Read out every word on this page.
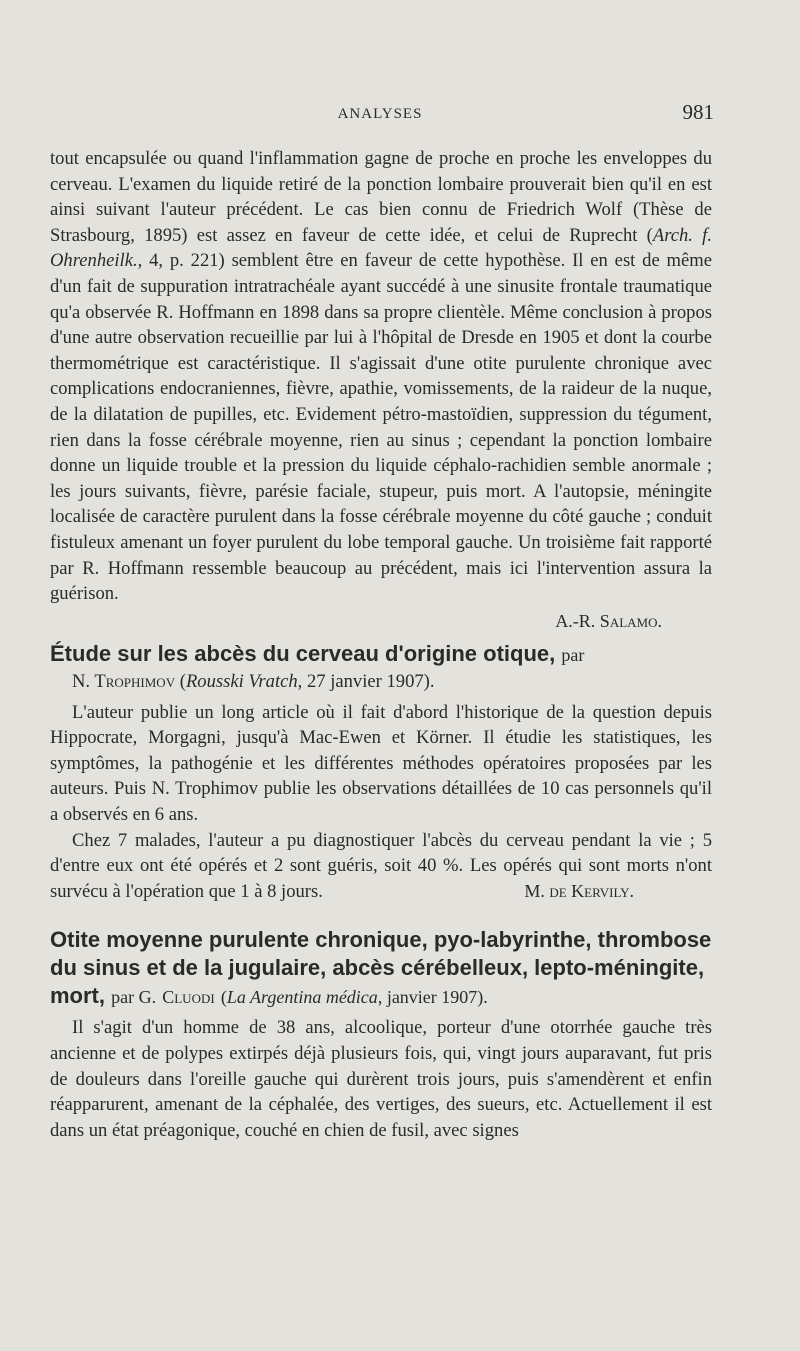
ANALYSES	981

tout encapsulée ou quand l'inflammation gagne de proche en proche les enveloppes du cerveau. L'examen du liquide retiré de la ponction lombaire prouverait bien qu'il en est ainsi suivant l'auteur précédent. Le cas bien connu de Friedrich Wolf (Thèse de Strasbourg, 1895) est assez en faveur de cette idée, et celui de Ruprecht (Arch. f. Ohrenheilk., 4, p. 221) semblent être en faveur de cette hypothèse. Il en est de même d'un fait de suppuration intratrachéale ayant succédé à une sinusite frontale traumatique qu'a observée R. Hoffmann en 1898 dans sa propre clientèle. Même conclusion à propos d'une autre observation recueillie par lui à l'hôpital de Dresde en 1905 et dont la courbe thermométrique est caractéristique. Il s'agissait d'une otite purulente chronique avec complications endocraniennes, fièvre, apathie, vomissements, de la raideur de la nuque, de la dilatation de pupilles, etc. Evidement pétro-mastoïdien, suppression du tégument, rien dans la fosse cérébrale moyenne, rien au sinus ; cependant la ponction lombaire donne un liquide trouble et la pression du liquide céphalo-rachidien semble anormale ; les jours suivants, fièvre, parésie faciale, stupeur, puis mort. A l'autopsie, méningite localisée de caractère purulent dans la fosse cérébrale moyenne du côté gauche ; conduit fistuleux amenant un foyer purulent du lobe temporal gauche. Un troisième fait rapporté par R. Hoffmann ressemble beaucoup au précédent, mais ici l'intervention assura la guérison.

A.-R. Salamo.

Étude sur les abcès du cerveau d'origine otique, par

N. Trophimov (Rousski Vratch, 27 janvier 1907).

L'auteur publie un long article où il fait d'abord l'historique de la question depuis Hippocrate, Morgagni, jusqu'à Mac-Ewen et Körner. Il étudie les statistiques, les symptômes, la pathogénie et les différentes méthodes opératoires proposées par les auteurs. Puis N. Trophimov publie les observations détaillées de 10 cas personnels qu'il a observés en 6 ans.

Chez 7 malades, l'auteur a pu diagnostiquer l'abcès du cerveau pendant la vie ; 5 d'entre eux ont été opérés et 2 sont guéris, soit 40 %. Les opérés qui sont morts n'ont survécu à l'opération que 1 à 8 jours.	M. de Kervily.

Otite moyenne purulente chronique, pyo-labyrinthe, thrombose du sinus et de la jugulaire, abcès cérébelleux, lepto-méningite, mort, par G. Cluodi (La Argentina médica, janvier 1907).

Il s'agit d'un homme de 38 ans, alcoolique, porteur d'une otorrhée gauche très ancienne et de polypes extirpés déjà plusieurs fois, qui, vingt jours auparavant, fut pris de douleurs dans l'oreille gauche qui durèrent trois jours, puis s'amendèrent et enfin réapparurent, amenant de la céphalée, des vertiges, des sueurs, etc. Actuellement il est dans un état préagonique, couché en chien de fusil, avec signes
